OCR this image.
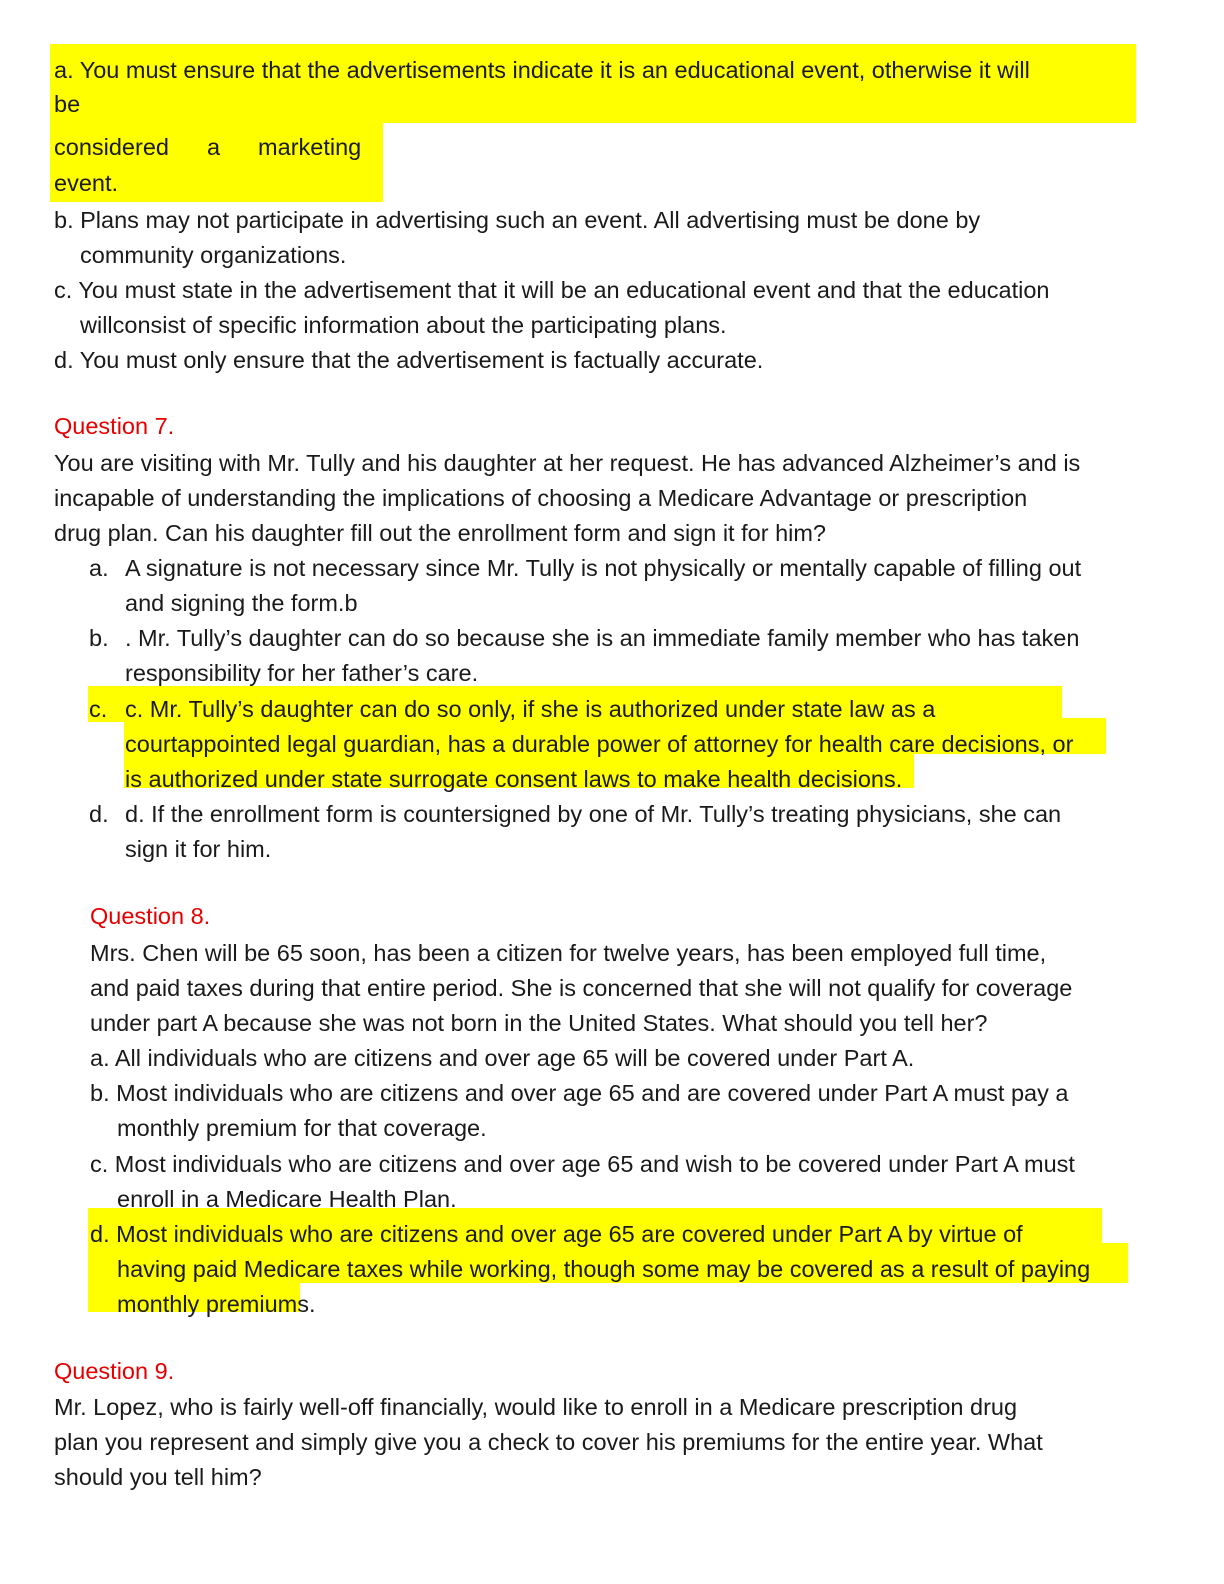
a. You must ensure that the advertisements indicate it is an educational event, otherwise it will
be
considered a marketing
event.
b. Plans may not participate in advertising such an event. All advertising must be done by
community organizations.
c. You must state in the advertisement that it will be an educational event and that the education
willconsist of specific information about the participating plans.
d. You must only ensure that the advertisement is factually accurate.
Question 7.
You are visiting with Mr. Tully and his daughter at her request. He has advanced Alzheimer’s and is
incapable of understanding the implications of choosing a Medicare Advantage or prescription
drug plan. Can his daughter fill out the enrollment form and sign it for him?
a. A signature is not necessary since Mr. Tully is not physically or mentally capable of filling out
and signing the form.b
b. . Mr. Tully’s daughter can do so because she is an immediate family member who has taken
responsibility for her father’s care.
c. c. Mr. Tully’s daughter can do so only, if she is authorized under state law as a
courtappointed legal guardian, has a durable power of attorney for health care decisions, or
is authorized under state surrogate consent laws to make health decisions.
d. d. If the enrollment form is countersigned by one of Mr. Tully’s treating physicians, she can
sign it for him.
Question 8.
Mrs. Chen will be 65 soon, has been a citizen for twelve years, has been employed full time,
and paid taxes during that entire period. She is concerned that she will not qualify for coverage
under part A because she was not born in the United States. What should you tell her?
a. All individuals who are citizens and over age 65 will be covered under Part A.
b. Most individuals who are citizens and over age 65 and are covered under Part A must pay a
monthly premium for that coverage.
c. Most individuals who are citizens and over age 65 and wish to be covered under Part A must
enroll in a Medicare Health Plan.
d. Most individuals who are citizens and over age 65 are covered under Part A by virtue of
having paid Medicare taxes while working, though some may be covered as a result of paying
monthly premiums.
Question 9.
Mr. Lopez, who is fairly well-off financially, would like to enroll in a Medicare prescription drug
plan you represent and simply give you a check to cover his premiums for the entire year. What
should you tell him?
